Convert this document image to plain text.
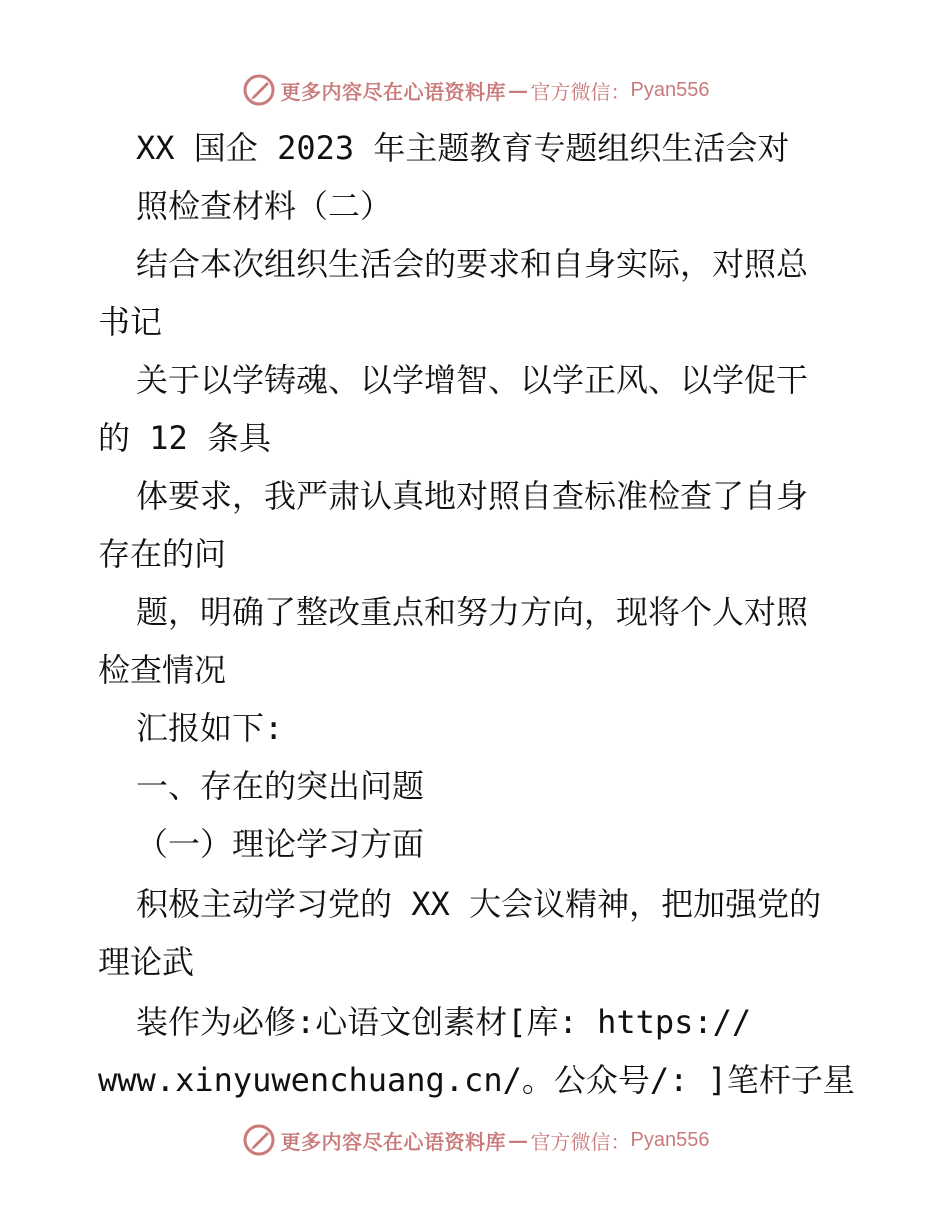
更多内容尽在心语资料库 — 官方微信： Pyan556
XX 国企 2023 年主题教育专题组织生活会对
照检查材料（二）
结合本次组织生活会的要求和自身实际，对照总
书记
关于以学铸魂、以学增智、以学正风、以学促干
的 12 条具
体要求，我严肃认真地对照自查标准检查了自身
存在的问
题，明确了整改重点和努力方向，现将个人对照
检查情况
汇报如下:
一、存在的突出问题
（一）理论学习方面
积极主动学习党的 XX 大会议精神，把加强党的
理论武
装作为必修:心语文创素材[库: https://
www.xinyuwenchuang.cn/。公众号/: ]笔杆子星
更多内容尽在心语资料库 — 官方微信： Pyan556
